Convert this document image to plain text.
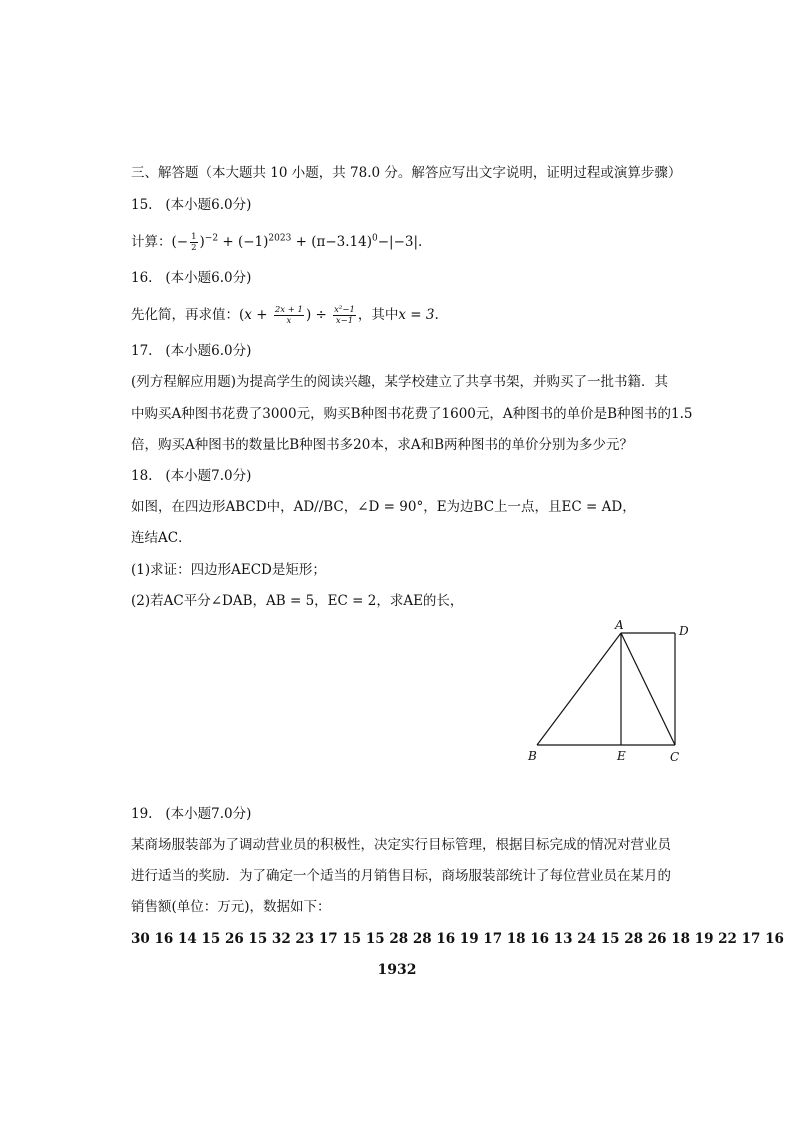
三、解答题（本大题共 10 小题，共 78.0 分。解答应写出文字说明，证明过程或演算步骤）
15. (本小题6.0分)
计算：(− $\frac{1}{2} )^{-2} + (-1)^{2023} + (\pi-3.14)^0-|-3|$.
16. (本小题6.0分)
先化简，再求值：($x + \frac{2x + 1}{x}$ ) ÷ $\frac{\text{x²−1}}{x-1}$ ，其中x = 3.
17. (本小题6.0分)
(列方程解应用题)为提高学生的阅读兴趣，某学校建立了共享书架，并购买了一批书籍．其
中购买A种图书花费了3000元，购买B种图书花费了1600元，A种图书的单价是B种图书的1.5
倍，购买A种图书的数量比B种图书多20本，求A和B两种图书的单价分别为多少元？
18. (本小题7.0分)
如图，在四边形ABCD中，AD//BC，∠D = 90°，E为边BC上一点，且EC = AD，
连结AC．
(1)求证：四边形AECD是矩形；
(2)若AC平分∠DAB，AB = 5，EC = 2，求AE的长，
A	D
B	E	C
19. (本小题7.0分)
某商场服装部为了调动营业员的积极性，决定实行目标管理，根据目标完成的情况对营业员
进行适当的奖励．为了确定一个适当的月销售目标，商场服装部统计了每位营业员在某月的
销售额(单位：万元)，数据如下：
30 16 14 15 26 15 32 23 17 15 15 28 28 16 19 17 18 16 13 24 15 28 26 18 19 22 17 16
1932
